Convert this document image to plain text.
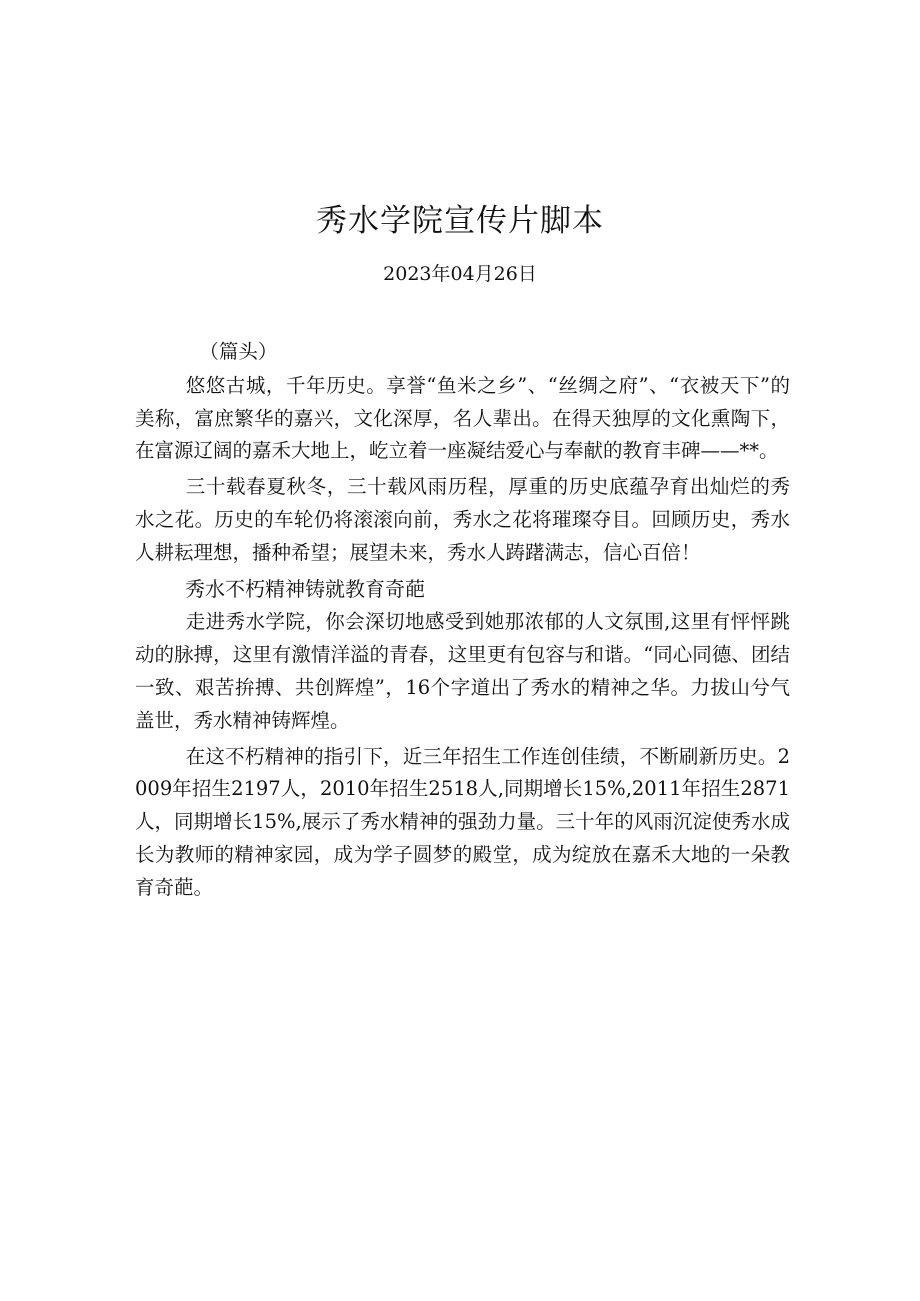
秀水学院宣传片脚本
2023年04月26日

（篇头）

悠悠古城，千年历史。享誉“鱼米之乡”、“丝绸之府”、“衣被天下”的美称，富庶繁华的嘉兴，文化深厚，名人辈出。在得天独厚的文化熏陶下，在富源辽阔的嘉禾大地上，屹立着一座凝结爱心与奉献的教育丰碑——**。

三十载春夏秋冬，三十载风雨历程，厚重的历史底蕴孕育出灿烂的秀水之花。历史的车轮仍将滚滚向前，秀水之花将璀璨夺目。回顾历史，秀水人耕耘理想，播种希望；展望未来，秀水人踌躇满志，信心百倍！

秀水不朽精神铸就教育奇葩

走进秀水学院，你会深切地感受到她那浓郁的人文氛围,这里有怦怦跳动的脉搏，这里有激情洋溢的青春，这里更有包容与和谐。“同心同德、团结一致、艰苦拚搏、共创辉煌”，16个字道出了秀水的精神之华。力拔山兮气盖世，秀水精神铸辉煌。

在这不朽精神的指引下，近三年招生工作连创佳绩，不断刷新历史。2009年招生2197人，2010年招生2518人,同期增长15%,2011年招生2871人，同期增长15%,展示了秀水精神的强劲力量。三十年的风雨沉淀使秀水成长为教师的精神家园，成为学子圆梦的殿堂，成为绽放在嘉禾大地的一朵教育奇葩。
